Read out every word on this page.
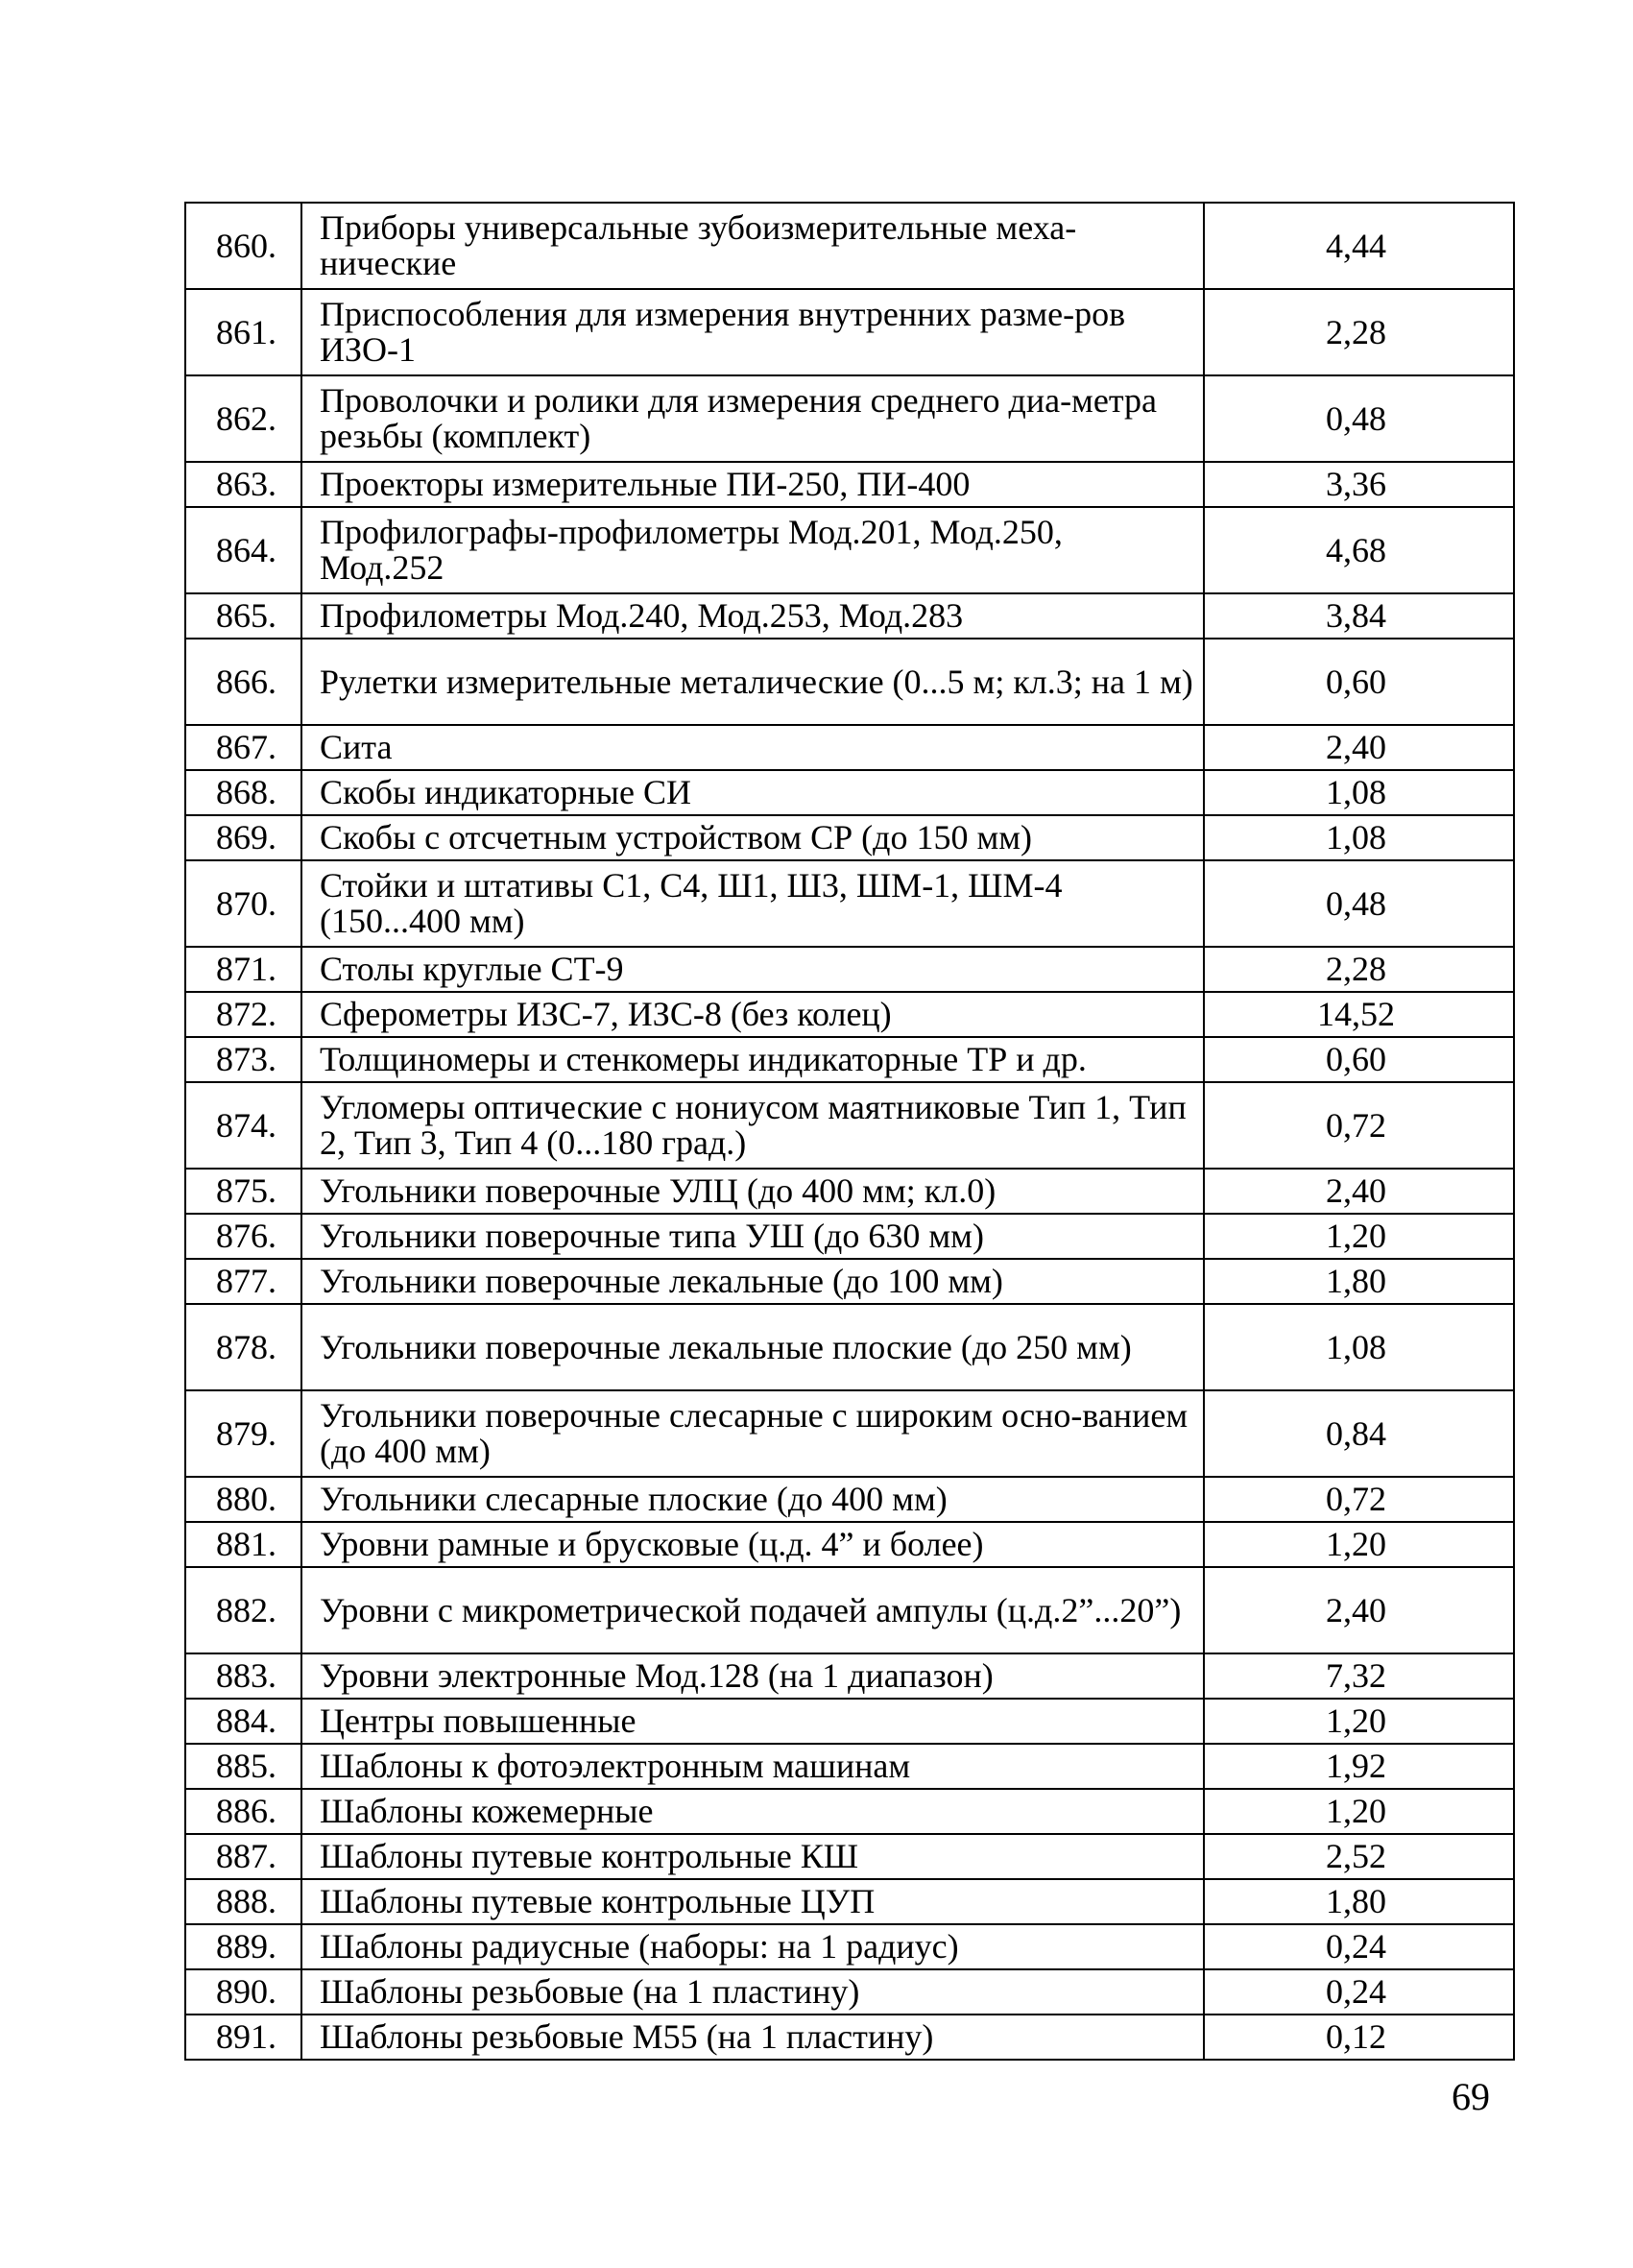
860.	Приборы универсальные зубоизмерительные меха-нические	4,44
861.	Приспособления для измерения внутренних разме-ров ИЗО-1	2,28
862.	Проволочки и ролики для измерения среднего диа-метра резьбы (комплект)	0,48
863.	Проекторы измерительные ПИ-250, ПИ-400	3,36
864.	Профилографы-профилометры Мод.201, Мод.250, Мод.252	4,68
865.	Профилометры Мод.240, Мод.253, Мод.283	3,84
866.	Рулетки измерительные металические (0...5 м; кл.3; на 1 м)	0,60
867.	Сита	2,40
868.	Скобы индикаторные СИ	1,08
869.	Скобы с отсчетным устройством СР (до 150 мм)	1,08
870.	Стойки и штативы С1, С4, Ш1, Ш3, ШМ-1, ШМ-4 (150...400 мм)	0,48
871.	Столы круглые СТ-9	2,28
872.	Сферометры ИЗС-7, ИЗС-8 (без колец)	14,52
873.	Толщиномеры и стенкомеры индикаторные ТР и др.	0,60
874.	Угломеры оптические с нониусом маятниковые Тип 1, Тип 2, Тип 3, Тип 4 (0...180 град.)	0,72
875.	Угольники поверочные УЛЦ (до 400 мм; кл.0)	2,40
876.	Угольники поверочные типа УШ (до 630 мм)	1,20
877.	Угольники поверочные лекальные (до 100 мм)	1,80
878.	Угольники поверочные лекальные плоские (до 250 мм)	1,08
879.	Угольники поверочные слесарные с широким осно-ванием (до 400 мм)	0,84
880.	Угольники слесарные плоские (до 400 мм)	0,72
881.	Уровни рамные и брусковые (ц.д. 4” и более)	1,20
882.	Уровни с микрометрической подачей ампулы (ц.д.2”...20”)	2,40
883.	Уровни электронные Мод.128 (на 1 диапазон)	7,32
884.	Центры повышенные	1,20
885.	Шаблоны к фотоэлектронным машинам	1,92
886.	Шаблоны кожемерные	1,20
887.	Шаблоны путевые контрольные КШ	2,52
888.	Шаблоны путевые контрольные ЦУП	1,80
889.	Шаблоны радиусные (наборы: на 1 радиус)	0,24
890.	Шаблоны резьбовые (на 1 пластину)	0,24
891.	Шаблоны резьбовые М55 (на 1 пластину)	0,12
69
